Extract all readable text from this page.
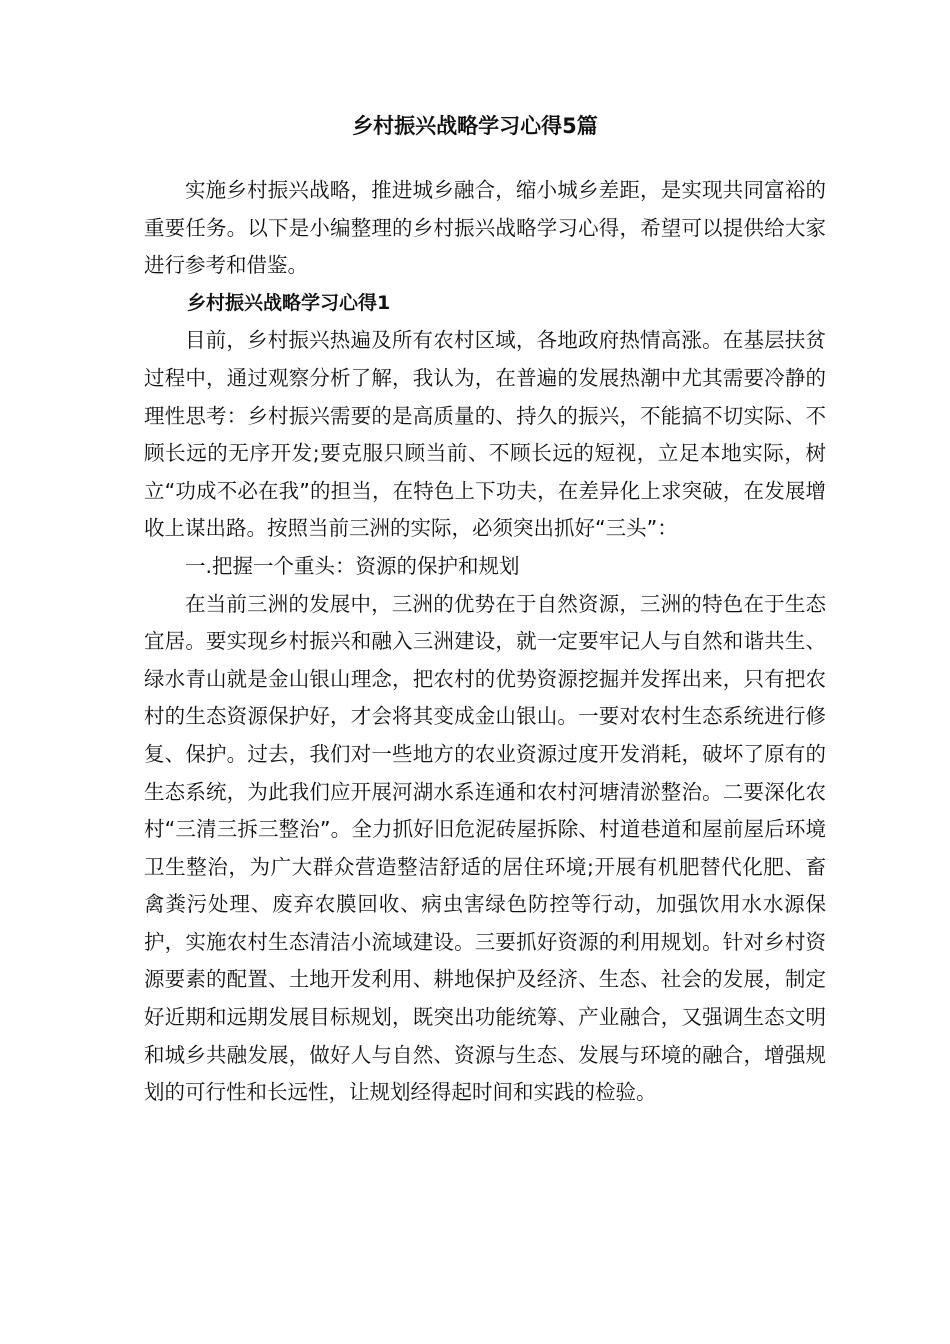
乡村振兴战略学习心得5篇

实施乡村振兴战略，推进城乡融合，缩小城乡差距，是实现共同富裕的重要任务。以下是小编整理的乡村振兴战略学习心得，希望可以提供给大家进行参考和借鉴。

乡村振兴战略学习心得1

目前，乡村振兴热遍及所有农村区域，各地政府热情高涨。在基层扶贫过程中，通过观察分析了解，我认为，在普遍的发展热潮中尤其需要冷静的理性思考：乡村振兴需要的是高质量的、持久的振兴，不能搞不切实际、不顾长远的无序开发;要克服只顾当前、不顾长远的短视，立足本地实际，树立“功成不必在我”的担当，在特色上下功夫，在差异化上求突破，在发展增收上谋出路。按照当前三洲的实际，必须突出抓好“三头”：

一.把握一个重头：资源的保护和规划

在当前三洲的发展中，三洲的优势在于自然资源，三洲的特色在于生态宜居。要实现乡村振兴和融入三洲建设，就一定要牢记人与自然和谐共生、绿水青山就是金山银山理念，把农村的优势资源挖掘并发挥出来，只有把农村的生态资源保护好，才会将其变成金山银山。一要对农村生态系统进行修复、保护。过去，我们对一些地方的农业资源过度开发消耗，破坏了原有的生态系统，为此我们应开展河湖水系连通和农村河塘清淤整治。二要深化农村“三清三拆三整治”。全力抓好旧危泥砖屋拆除、村道巷道和屋前屋后环境卫生整治，为广大群众营造整洁舒适的居住环境;开展有机肥替代化肥、畜禽粪污处理、废弃农膜回收、病虫害绿色防控等行动，加强饮用水水源保护，实施农村生态清洁小流域建设。三要抓好资源的利用规划。针对乡村资源要素的配置、土地开发利用、耕地保护及经济、生态、社会的发展，制定好近期和远期发展目标规划，既突出功能统筹、产业融合，又强调生态文明和城乡共融发展，做好人与自然、资源与生态、发展与环境的融合，增强规划的可行性和长远性，让规划经得起时间和实践的检验。
